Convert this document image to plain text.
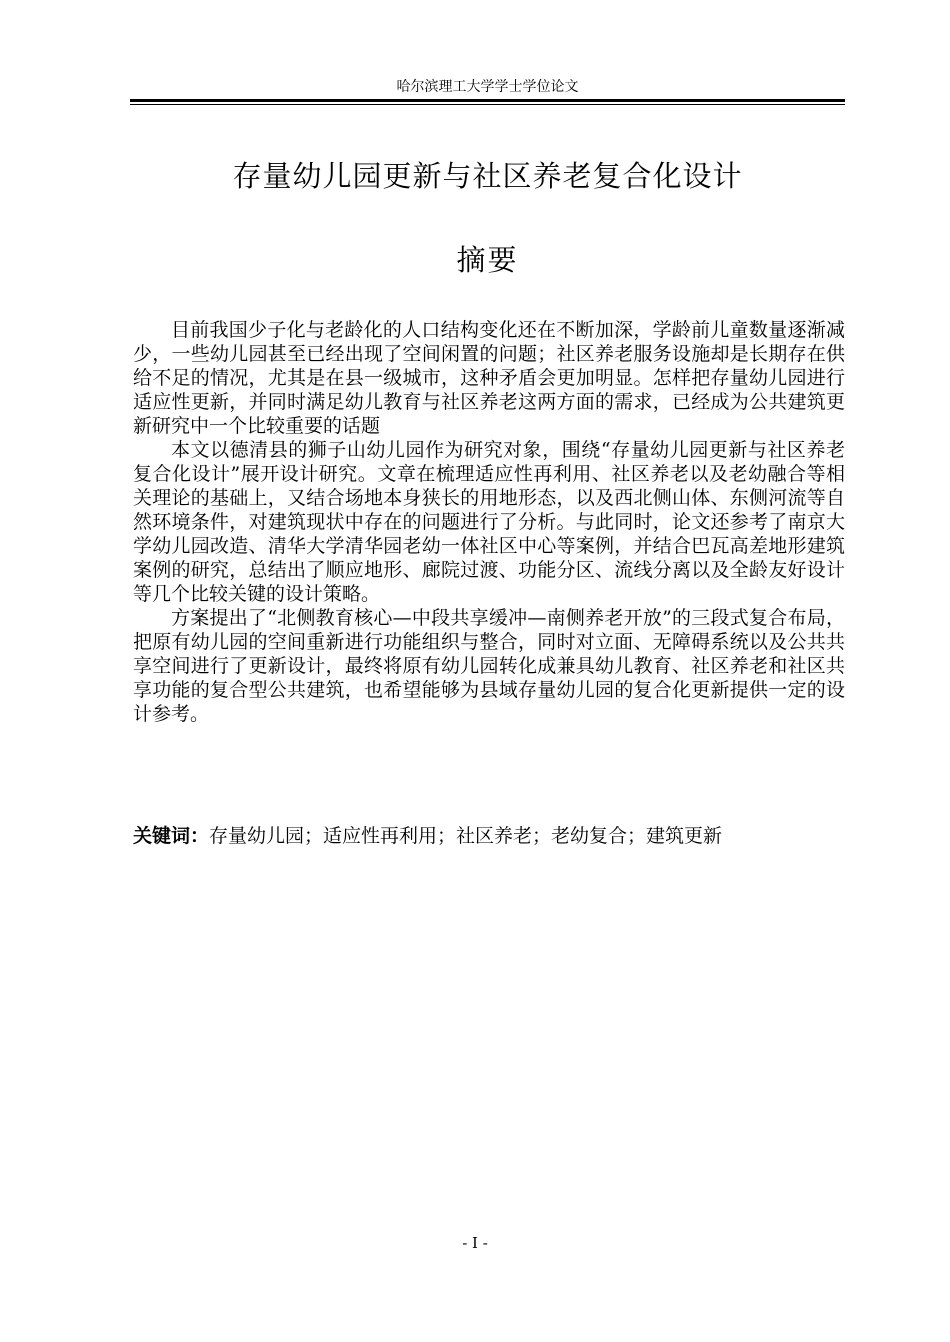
哈尔滨理工大学学士学位论文
存量幼儿园更新与社区养老复合化设计
摘要

目前我国少子化与老龄化的人口结构变化还在不断加深，学龄前儿童数量逐渐减少，一些幼儿园甚至已经出现了空间闲置的问题；社区养老服务设施却是长期存在供给不足的情况，尤其是在县一级城市，这种矛盾会更加明显。怎样把存量幼儿园进行适应性更新，并同时满足幼儿教育与社区养老这两方面的需求，已经成为公共建筑更新研究中一个比较重要的话题

本文以德清县的狮子山幼儿园作为研究对象，围绕“存量幼儿园更新与社区养老复合化设计”展开设计研究。文章在梳理适应性再利用、社区养老以及老幼融合等相关理论的基础上，又结合场地本身狭长的用地形态，以及西北侧山体、东侧河流等自然环境条件，对建筑现状中存在的问题进行了分析。与此同时，论文还参考了南京大学幼儿园改造、清华大学清华园老幼一体社区中心等案例，并结合巴瓦高差地形建筑案例的研究，总结出了顺应地形、廊院过渡、功能分区、流线分离以及全龄友好设计等几个比较关键的设计策略。

方案提出了“北侧教育核心—中段共享缓冲—南侧养老开放”的三段式复合布局，把原有幼儿园的空间重新进行功能组织与整合，同时对立面、无障碍系统以及公共共享空间进行了更新设计，最终将原有幼儿园转化成兼具幼儿教育、社区养老和社区共享功能的复合型公共建筑，也希望能够为县域存量幼儿园的复合化更新提供一定的设计参考。

关键词：存量幼儿园；适应性再利用；社区养老；老幼复合；建筑更新
- I -
